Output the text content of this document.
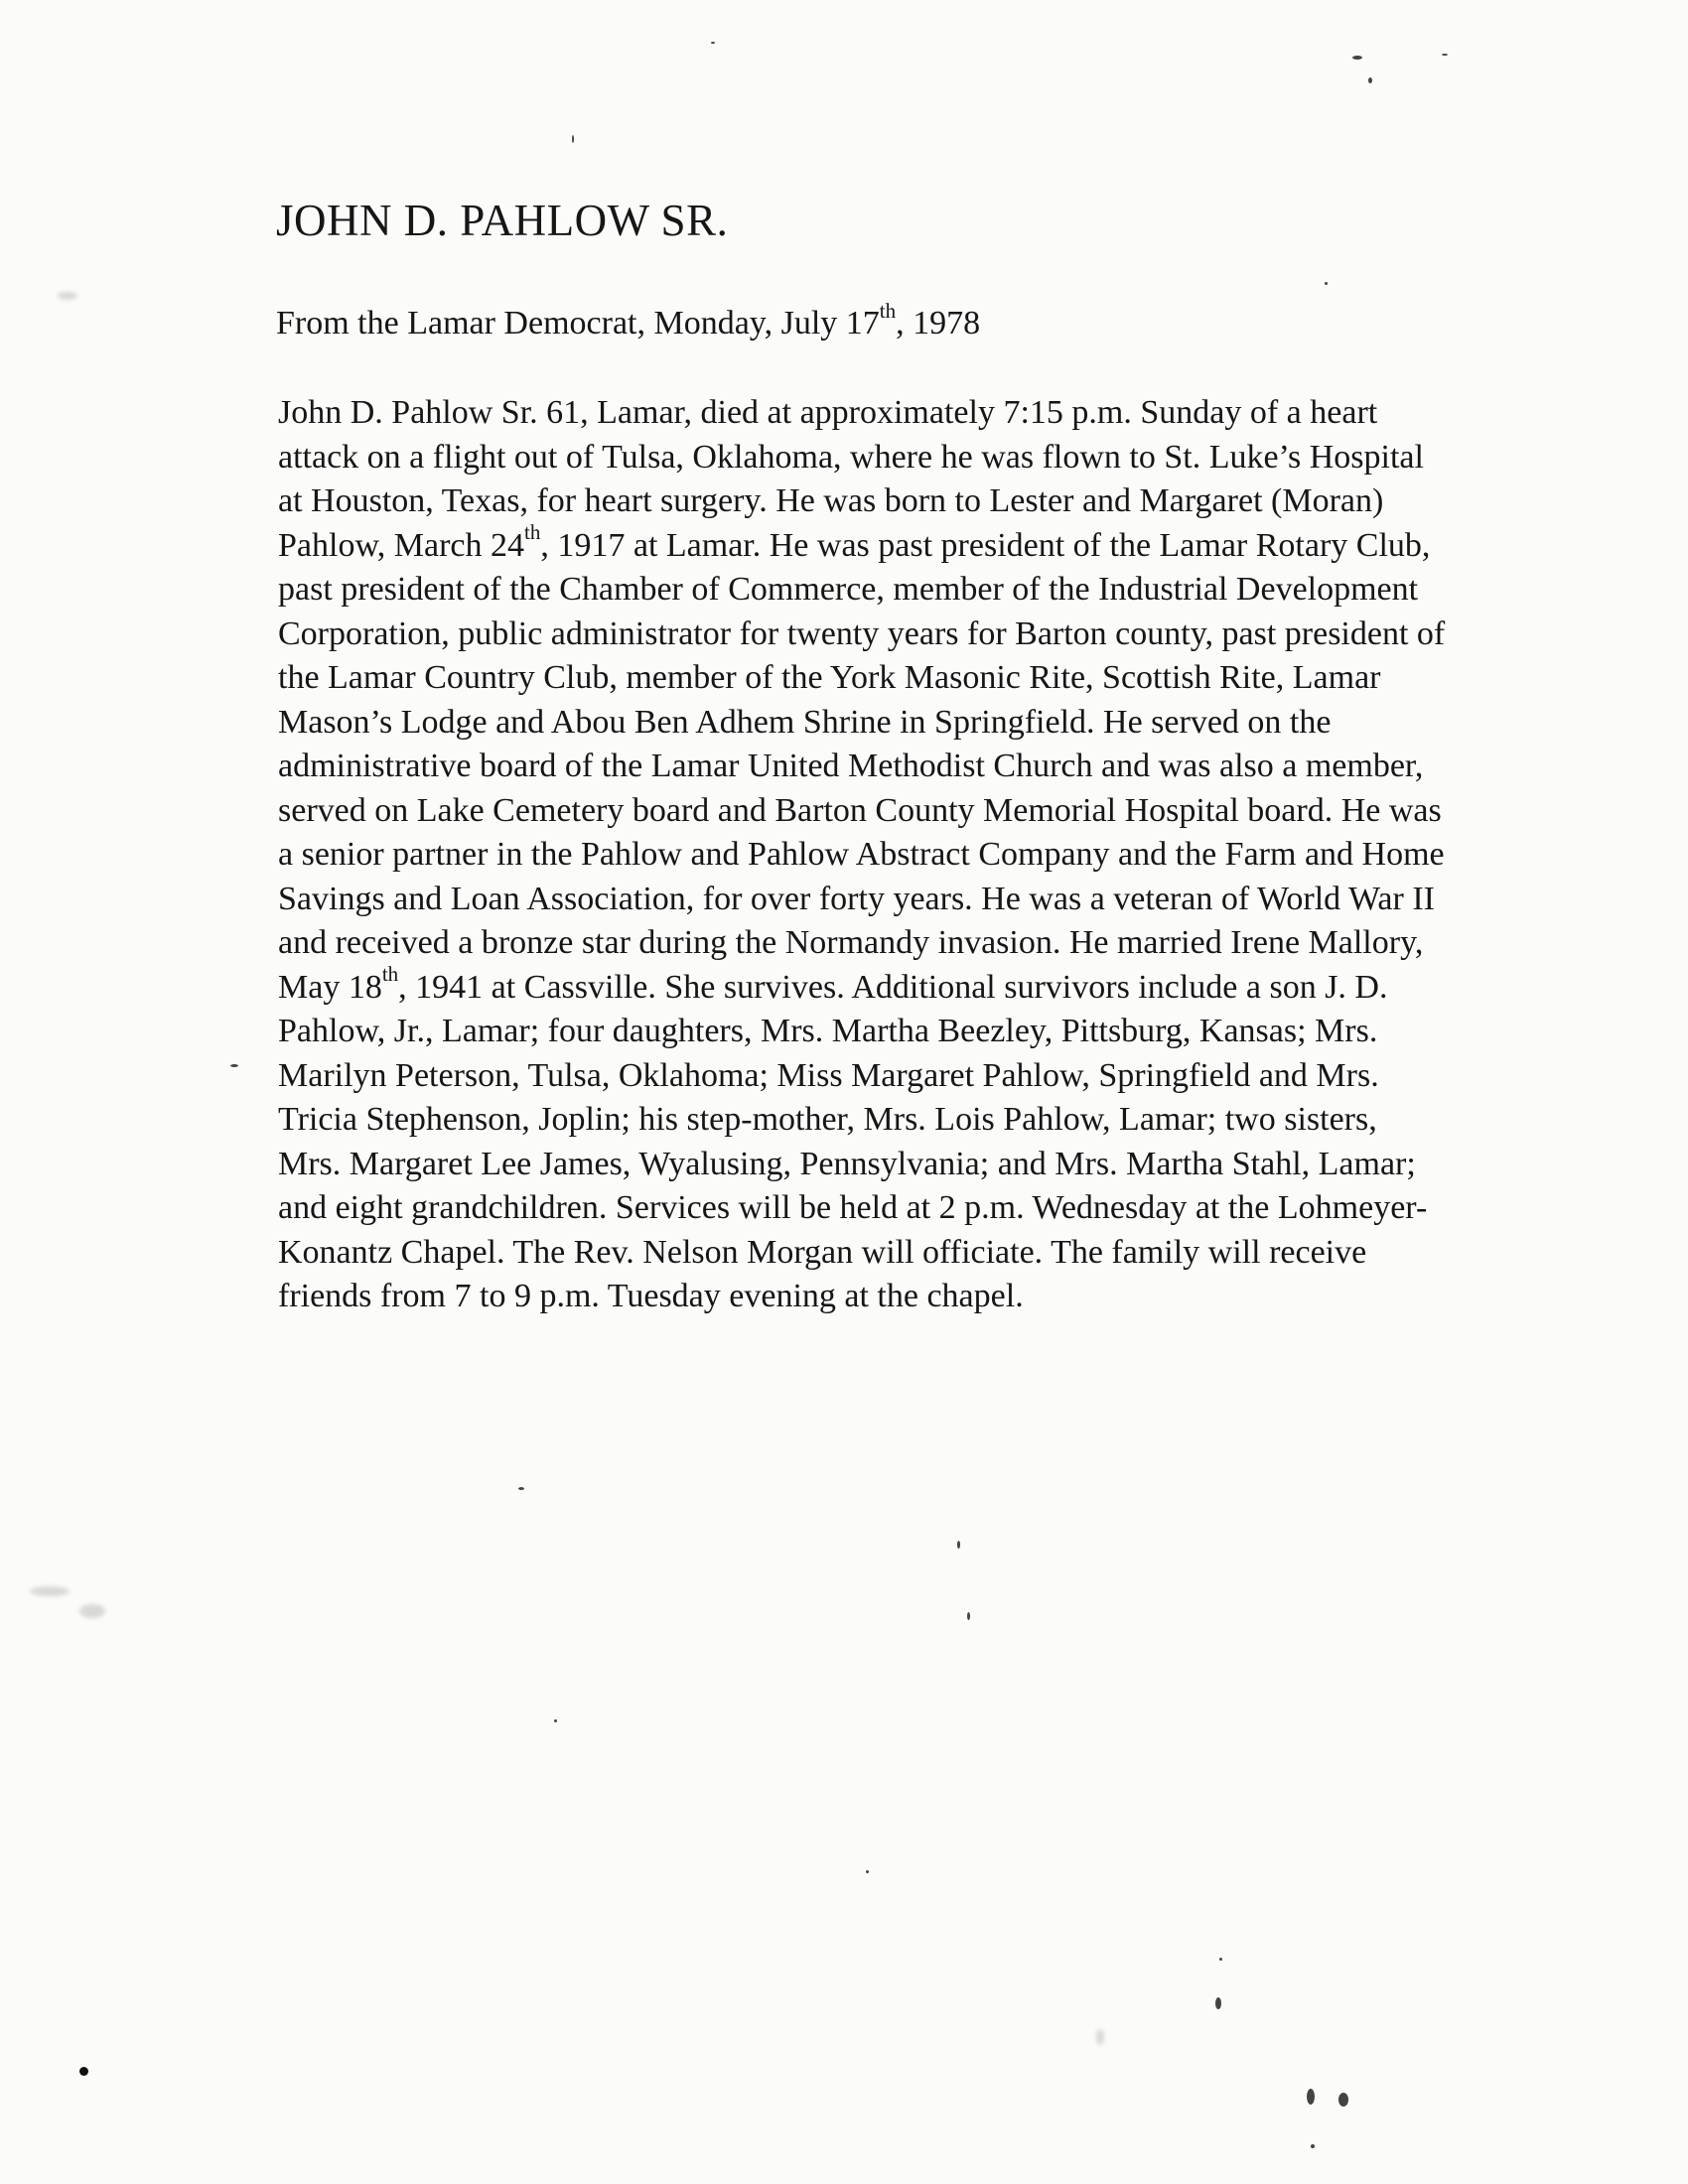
JOHN D. PAHLOW SR.
From the Lamar Democrat, Monday, July 17th, 1978

John D. Pahlow Sr. 61, Lamar, died at approximately 7:15 p.m. Sunday of a heart
attack on a flight out of Tulsa, Oklahoma, where he was flown to St. Luke’s Hospital
at Houston, Texas, for heart surgery. He was born to Lester and Margaret (Moran)
Pahlow, March 24th, 1917 at Lamar. He was past president of the Lamar Rotary Club,
past president of the Chamber of Commerce, member of the Industrial Development
Corporation, public administrator for twenty years for Barton county, past president of
the Lamar Country Club, member of the York Masonic Rite, Scottish Rite, Lamar
Mason’s Lodge and Abou Ben Adhem Shrine in Springfield. He served on the
administrative board of the Lamar United Methodist Church and was also a member,
served on Lake Cemetery board and Barton County Memorial Hospital board. He was
a senior partner in the Pahlow and Pahlow Abstract Company and the Farm and Home
Savings and Loan Association, for over forty years. He was a veteran of World War II
and received a bronze star during the Normandy invasion. He married Irene Mallory,
May 18th, 1941 at Cassville. She survives. Additional survivors include a son J. D.
Pahlow, Jr., Lamar; four daughters, Mrs. Martha Beezley, Pittsburg, Kansas; Mrs.
Marilyn Peterson, Tulsa, Oklahoma; Miss Margaret Pahlow, Springfield and Mrs.
Tricia Stephenson, Joplin; his step-mother, Mrs. Lois Pahlow, Lamar; two sisters,
Mrs. Margaret Lee James, Wyalusing, Pennsylvania; and Mrs. Martha Stahl, Lamar;
and eight grandchildren. Services will be held at 2 p.m. Wednesday at the Lohmeyer-
Konantz Chapel. The Rev. Nelson Morgan will officiate. The family will receive
friends from 7 to 9 p.m. Tuesday evening at the chapel.
